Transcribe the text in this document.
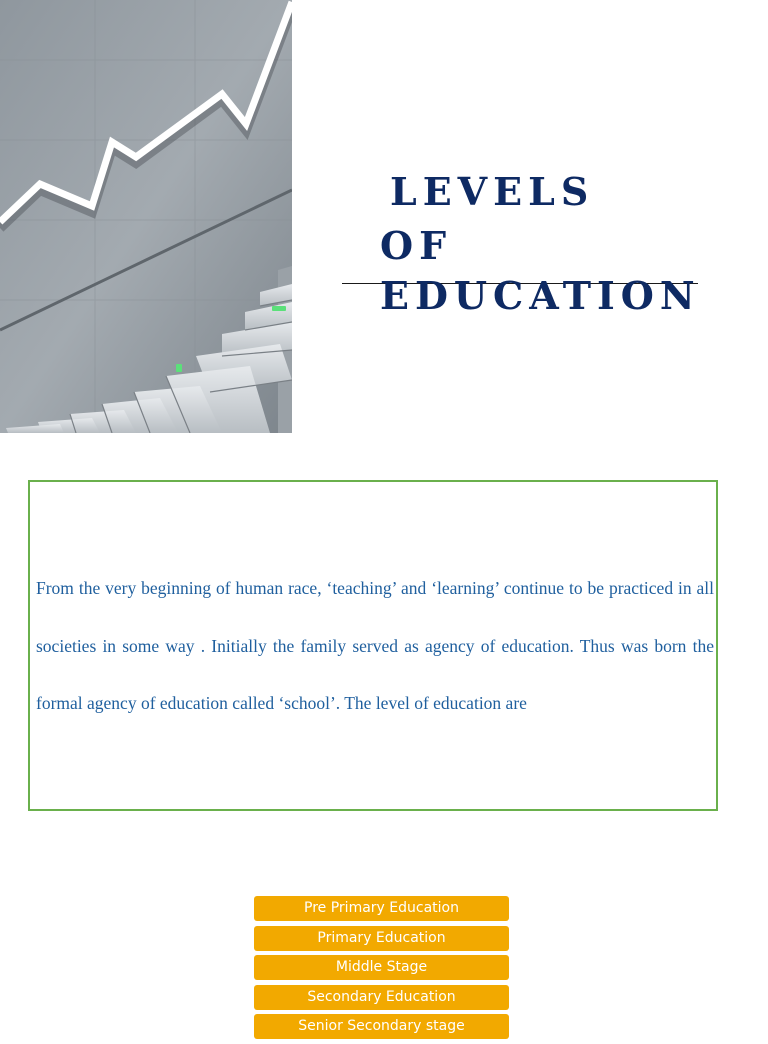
LEVELS
OF
EDUCATION

From the very beginning of human race, ‘teaching’ and ‘learning’ continue to be practiced in all societies in some way . Initially the family served as agency of education. Thus was born the formal agency of education called ‘school’. The level of education are

Pre Primary Education
Primary Education
Middle Stage
Secondary Education
Senior Secondary stage
